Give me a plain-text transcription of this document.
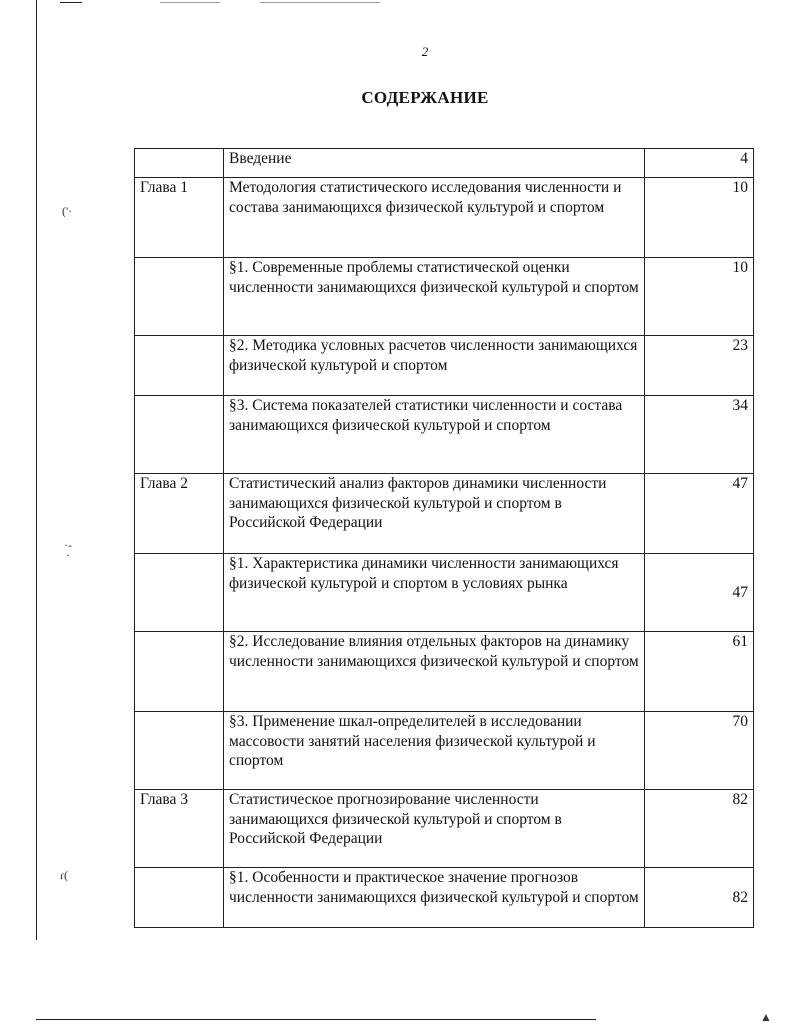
('·
·-
·
ɾ(
▲
2
СОДЕРЖАНИЕ
	Введение	4
Глава 1	Методология статистического исследования численности и состава занимающихся физической культурой и спортом	10
	§1. Современные проблемы статистической оценки численности занимающихся физической культурой и спортом	10
	§2. Методика условных расчетов численности занимающихся физической культурой и спортом	23
	§3. Система показателей статистики численности и состава занимающихся физической культурой и спортом	34
Глава 2	Статистический анализ факторов динамики численности занимающихся физической культурой и спортом в Российской Федерации	47
	§1. Характеристика динамики численности занимающихся физической культурой и спортом в условиях рынка	47
	§2. Исследование влияния отдельных факторов на динамику численности занимающихся физической культурой и спортом	61
	§3. Применение шкал-определителей в исследовании массовости занятий населения физической культурой и спортом	70
Глава 3	Статистическое прогнозирование численности занимающихся физической культурой и спортом в Российской Федерации	82
	§1. Особенности и практическое значение прогнозов численности занимающихся физической культурой и спортом	82
